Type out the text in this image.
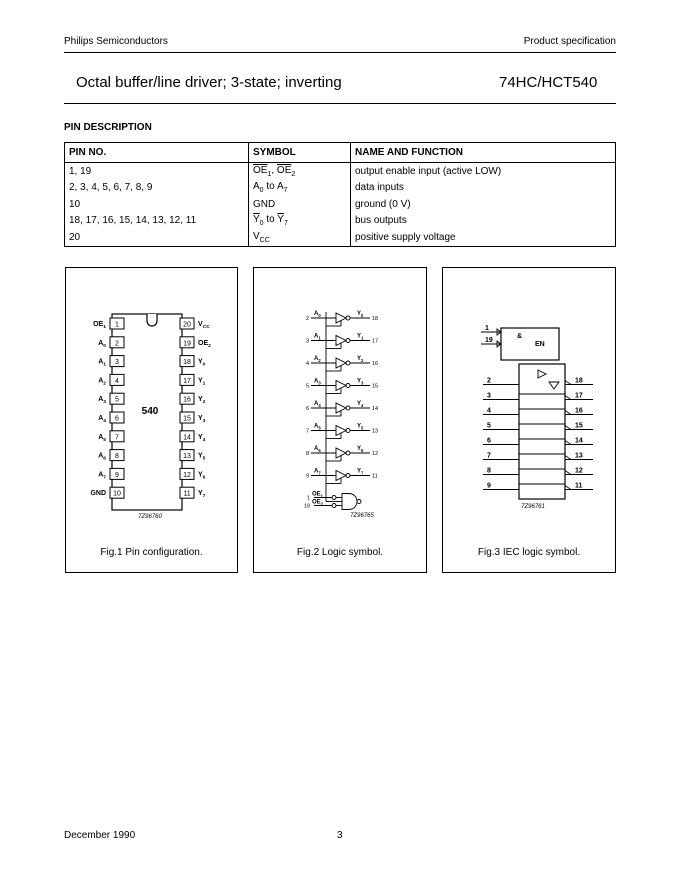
Philips Semiconductors	Product specification
Octal buffer/line driver; 3-state; inverting	74HC/HCT540
PIN DESCRIPTION
PIN NO.	SYMBOL	NAME AND FUNCTION
1, 19	$\overline{OE}_1$, $\overline{OE}_2$	output enable input (active LOW)
2, 3, 4, 5, 6, 7, 8, 9	$A_0$ to $A_7$	data inputs
10	GND	ground (0 V)
18, 17, 16, 15, 14, 13, 12, 11	$\overline{Y}_0$ to $\overline{Y}_7$	bus outputs
20	$V_{CC}$	positive supply voltage
540
7Z96760
1
$OE_1$
2
$A_0$
3
$A_1$
4
$A_2$
5
$A_3$
6
$A_4$
7
$A_5$
8
$A_6$
9
$A_7$
10
GND
20 $V_{CC}$
19 $OE_2$
18 $Y_0$
17 $Y_1$
16 $Y_2$
15 $Y_3$
14 $Y_4$
13 $Y_5$
12 $Y_6$
11 $Y_7$
Fig.1 Pin configuration.
7Z96765
2
$A_0$	$Y_0$
18
3
$A_1$	$Y_1$
17
4
$A_2$	$Y_2$
16
5
$A_3$	$Y_3$
15
6
$A_4$	$Y_4$
14
7
$A_5$	$Y_5$
13
8
$A_6$	$Y_6$
12
9
$A_7$	$Y_7$
11
$OE_1$
1
$OE_2$
19
Fig.2 Logic symbol.
&
EN
7Z96761
1
19
2	18
3	17
4	16
5	15
6	14
7	13
8	12
9	11
Fig.3 IEC logic symbol.
December 1990	3
